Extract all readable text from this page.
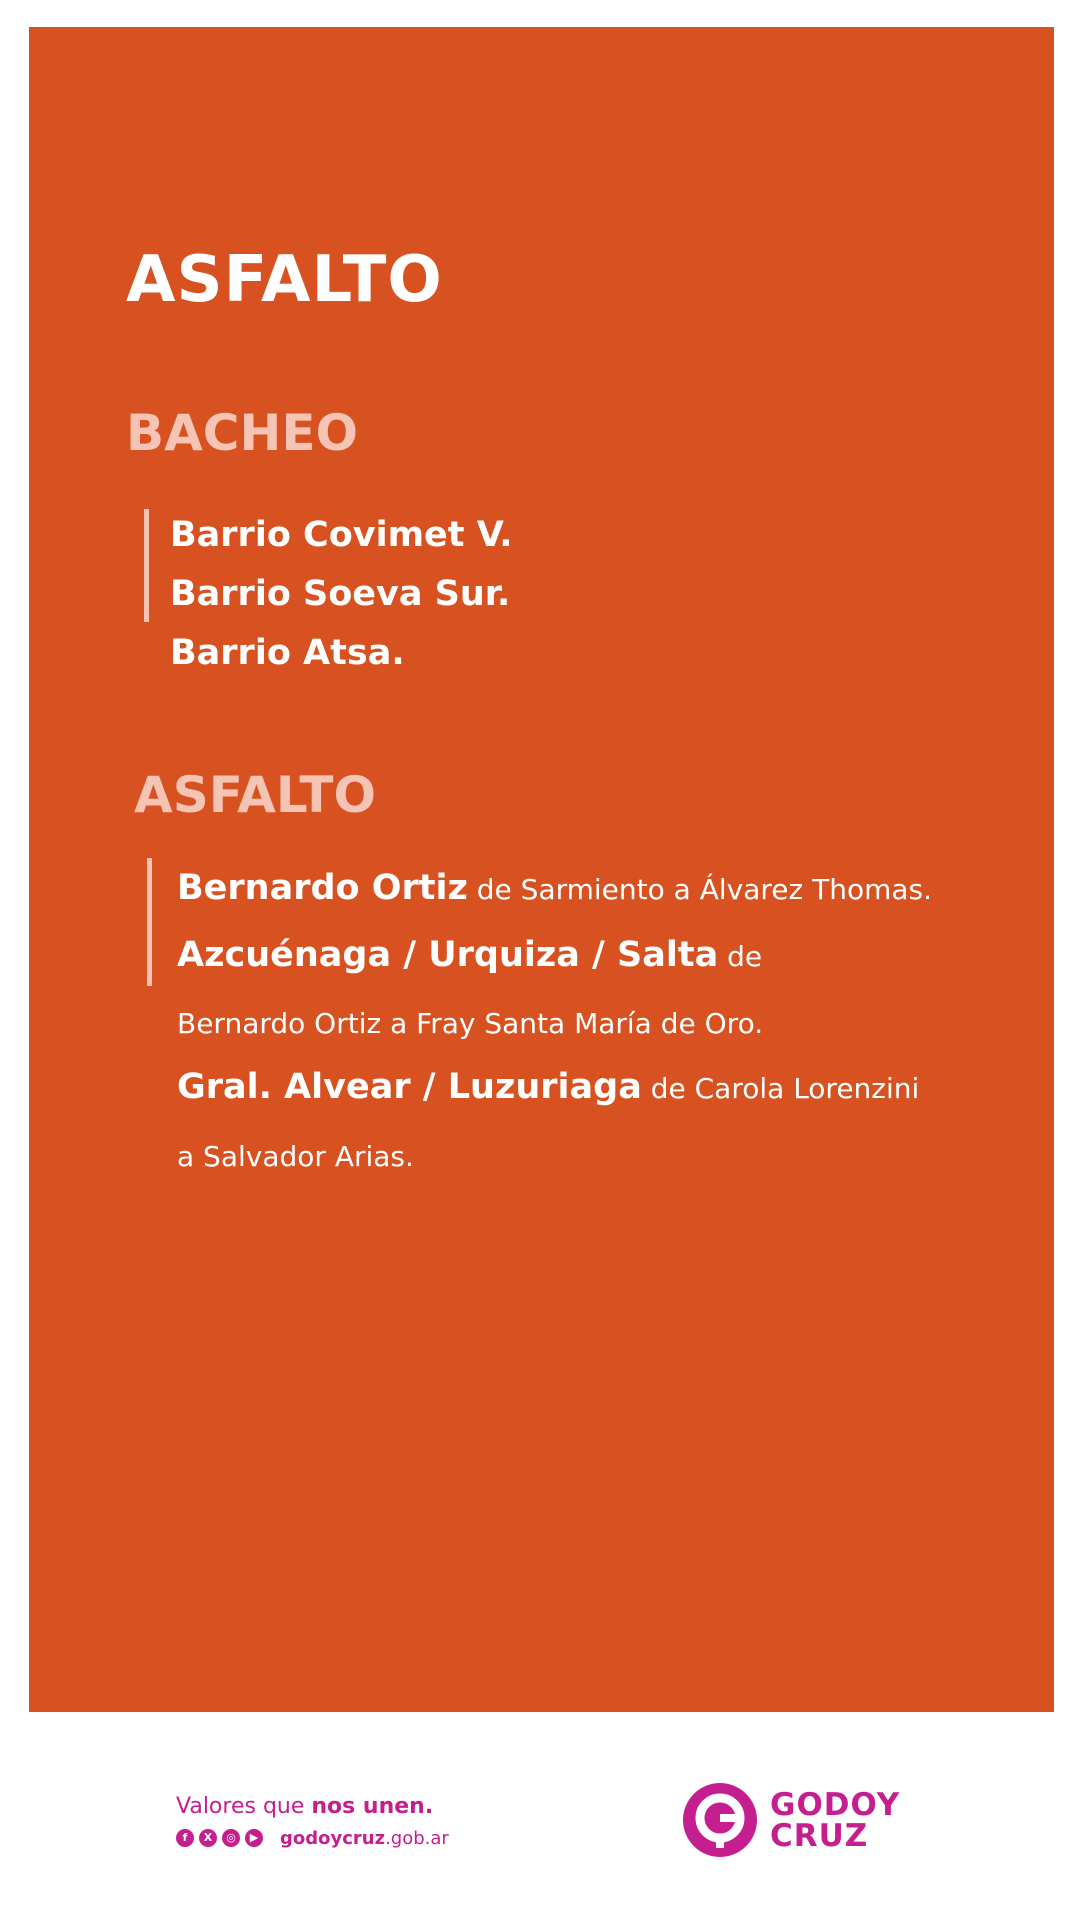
ASFALTO
BACHEO
Barrio Covimet V.
Barrio Soeva Sur.
Barrio Atsa.
ASFALTO
Bernardo Ortiz de Sarmiento a Álvarez Thomas.
Azcuénaga / Urquiza / Salta de
Bernardo Ortiz a Fray Santa María de Oro.
Gral. Alvear / Luzuriaga de Carola Lorenzini
a Salvador Arias.
Valores que nos unen.
f	X	◎	▶ godoycruz.gob.ar
GODOY
CRUZ
